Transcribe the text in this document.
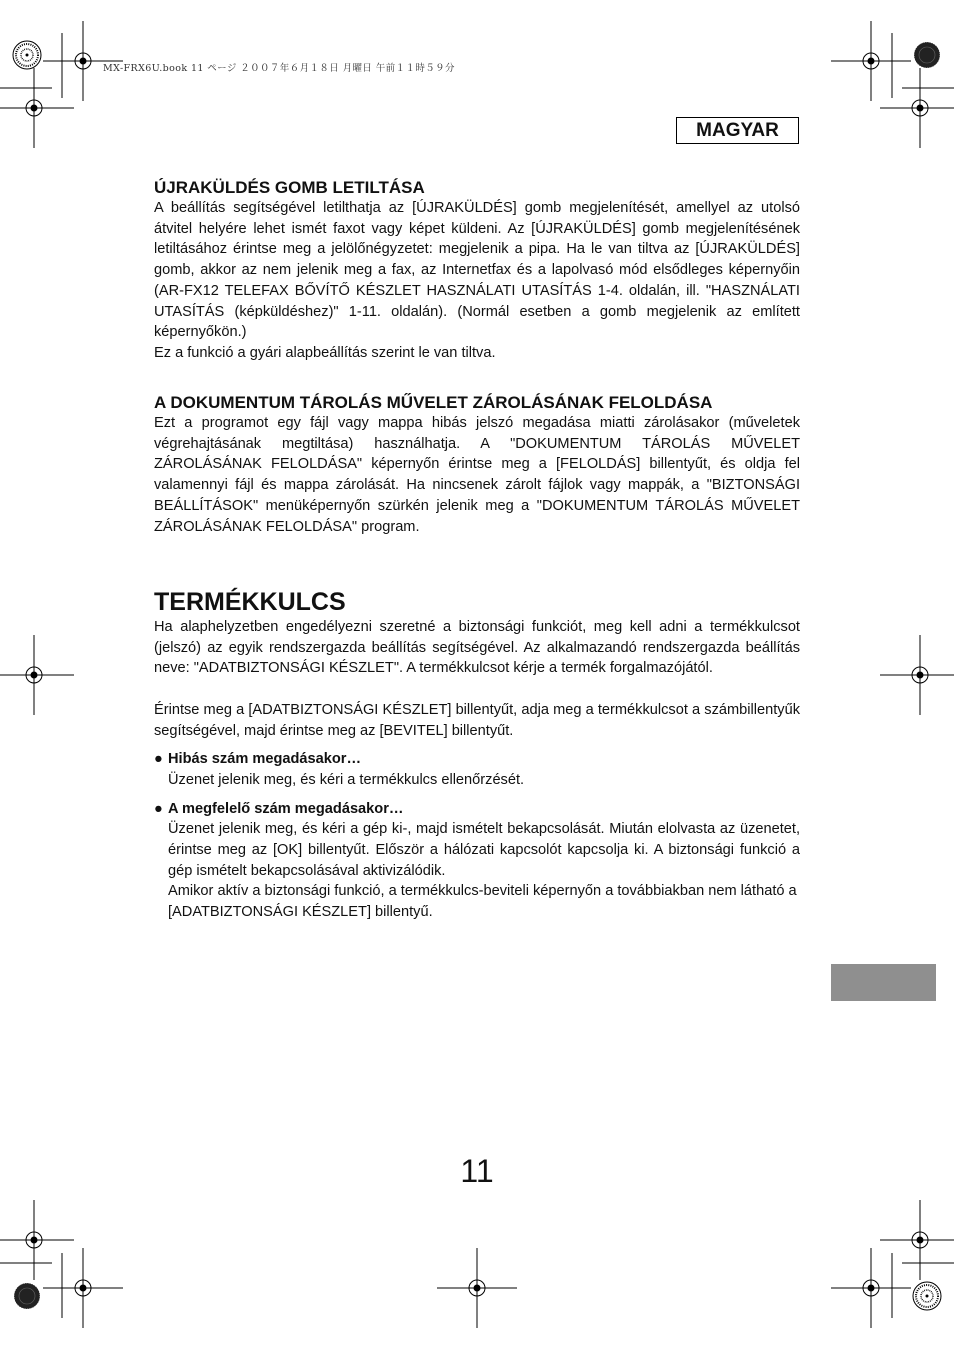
MX-FRX6U.book 11 ページ ２００７年６月１８日 月曜日 午前１１時５９分
MAGYAR
ÚJRAKÜLDÉS GOMB LETILTÁSA

A beállítás segítségével letilthatja az [ÚJRAKÜLDÉS] gomb megjelenítését, amellyel az utolsó átvitel helyére lehet ismét faxot vagy képet küldeni. Az [ÚJRAKÜLDÉS] gomb megjelenítésének letiltásához érintse meg a jelölőnégyzetet: megjelenik a pipa. Ha le van tiltva az [ÚJRAKÜLDÉS] gomb, akkor az nem jelenik meg a fax, az Internetfax és a lapolvasó mód elsődleges képernyőin (AR-FX12 TELEFAX BŐVÍTŐ KÉSZLET HASZNÁLATI UTASÍTÁS 1-4. oldalán, ill. "HASZNÁLATI UTASÍTÁS (képküldéshez)" 1-11. oldalán). (Normál esetben a gomb megjelenik az említett képernyőkön.)

Ez a funkció a gyári alapbeállítás szerint le van tiltva.

A DOKUMENTUM TÁROLÁS MŰVELET ZÁROLÁSÁNAK FELOLDÁSA

Ezt a programot egy fájl vagy mappa hibás jelszó megadása miatti zárolásakor (műveletek végrehajtásának megtiltása) használhatja. A "DOKUMENTUM TÁROLÁS MŰVELET ZÁROLÁSÁNAK FELOLDÁSA" képernyőn érintse meg a [FELOLDÁS] billentyűt, és oldja fel valamennyi fájl és mappa zárolását. Ha nincsenek zárolt fájlok vagy mappák, a "BIZTONSÁGI BEÁLLÍTÁSOK" menüképernyőn szürkén jelenik meg a "DOKUMENTUM TÁROLÁS MŰVELET ZÁROLÁSÁNAK FELOLDÁSA" program.

TERMÉKKULCS

Ha alaphelyzetben engedélyezni szeretné a biztonsági funkciót, meg kell adni a termékkulcsot (jelszó) az egyik rendszergazda beállítás segítségével. Az alkalmazandó rendszergazda beállítás neve: "ADATBIZTONSÁGI KÉSZLET". A termékkulcsot kérje a termék forgalmazójától.

Érintse meg a [ADATBIZTONSÁGI KÉSZLET] billentyűt, adja meg a termékkulcsot a számbillentyűk segítségével, majd érintse meg az [BEVITEL] billentyűt.

● Hibás szám megadásakor…

Üzenet jelenik meg, és kéri a termékkulcs ellenőrzését.

● A megfelelő szám megadásakor…

Üzenet jelenik meg, és kéri a gép ki-, majd ismételt bekapcsolását. Miután elolvasta az üzenetet, érintse meg az [OK] billentyűt. Először a hálózati kapcsolót kapcsolja ki. A biztonsági funkció a gép ismételt bekapcsolásával aktivizálódik.

Amikor aktív a biztonsági funkció, a termékkulcs-beviteli képernyőn a továbbiakban nem látható a [ADATBIZTONSÁGI KÉSZLET] billentyű.

11
